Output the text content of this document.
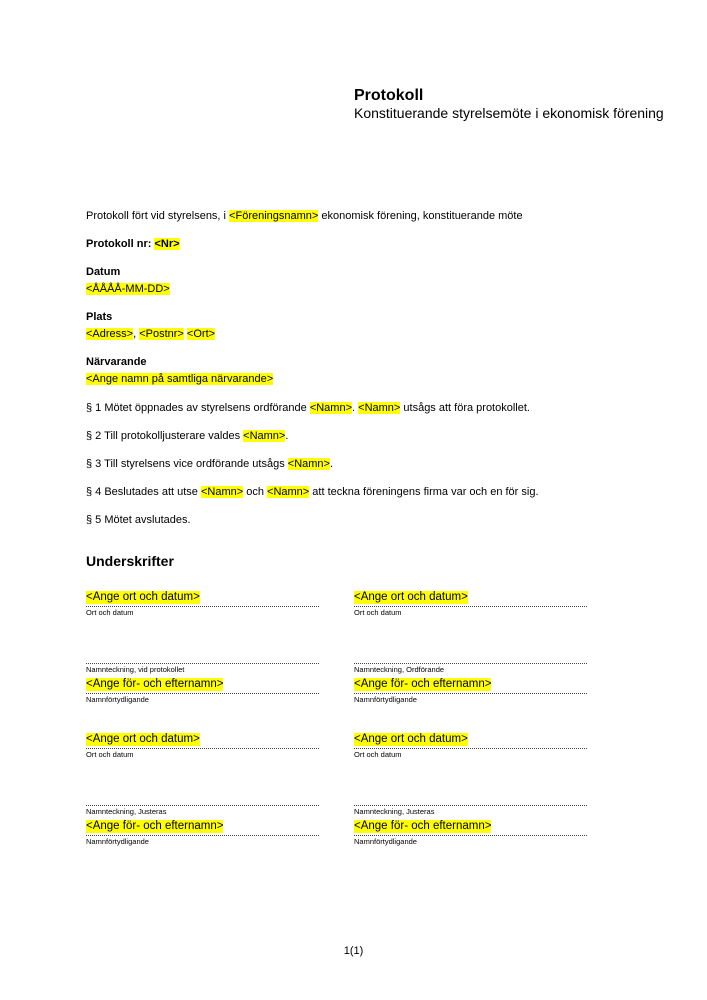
Protokoll

Konstituerande styrelsemöte i ekonomisk förening

Protokoll fört vid styrelsens, i <Föreningsnamn> ekonomisk förening, konstituerande möte
Protokoll nr: <Nr>
Datum
<ÅÅÅÅ-MM-DD>
Plats
<Adress>, <Postnr> <Ort>
Närvarande
<Ange namn på samtliga närvarande>
§ 1 Mötet öppnades av styrelsens ordförande <Namn>. <Namn> utsågs att föra protokollet.
§ 2 Till protokolljusterare valdes <Namn>.
§ 3 Till styrelsens vice ordförande utsågs <Namn>.
§ 4 Beslutades att utse <Namn> och <Namn> att teckna föreningens firma var och en för sig.
§ 5 Mötet avslutades.
Underskrifter
<Ange ort och datum>
Ort och datum
Namnteckning, vid protokollet
<Ange för- och efternamn>
Namnförtydligande
<Ange ort och datum>
Ort och datum
Namnteckning, Ordförande
<Ange för- och efternamn>
Namnförtydligande
<Ange ort och datum>
Ort och datum
Namnteckning, Justeras
<Ange för- och efternamn>
Namnförtydligande
<Ange ort och datum>
Ort och datum
Namnteckning, Justeras
<Ange för- och efternamn>
Namnförtydligande
1(1)
